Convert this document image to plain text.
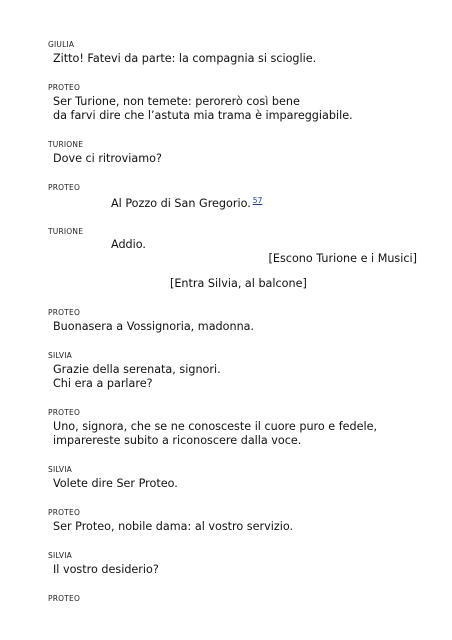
GIULIA
Zitto! Fatevi da parte: la compagnia si scioglie.
PROTEO
Ser Turione, non temete: perorerò così bene
da farvi dire che l’astuta mia trama è impareggiabile.
TURIONE
Dove ci ritroviamo?
PROTEO
Al Pozzo di San Gregorio. $^{57}$
TURIONE
Addio.
[Escono Turione e i Musici]
[Entra Silvia, al balcone]
PROTEO
Buonasera a Vossignoria, madonna.
SILVIA
Grazie della serenata, signori.
Chi era a parlare?
PROTEO
Uno, signora, che se ne conosceste il cuore puro e fedele,
imparereste subito a riconoscere dalla voce.
SILVIA
Volete dire Ser Proteo.
PROTEO
Ser Proteo, nobile dama: al vostro servizio.
SILVIA
Il vostro desiderio?
PROTEO
